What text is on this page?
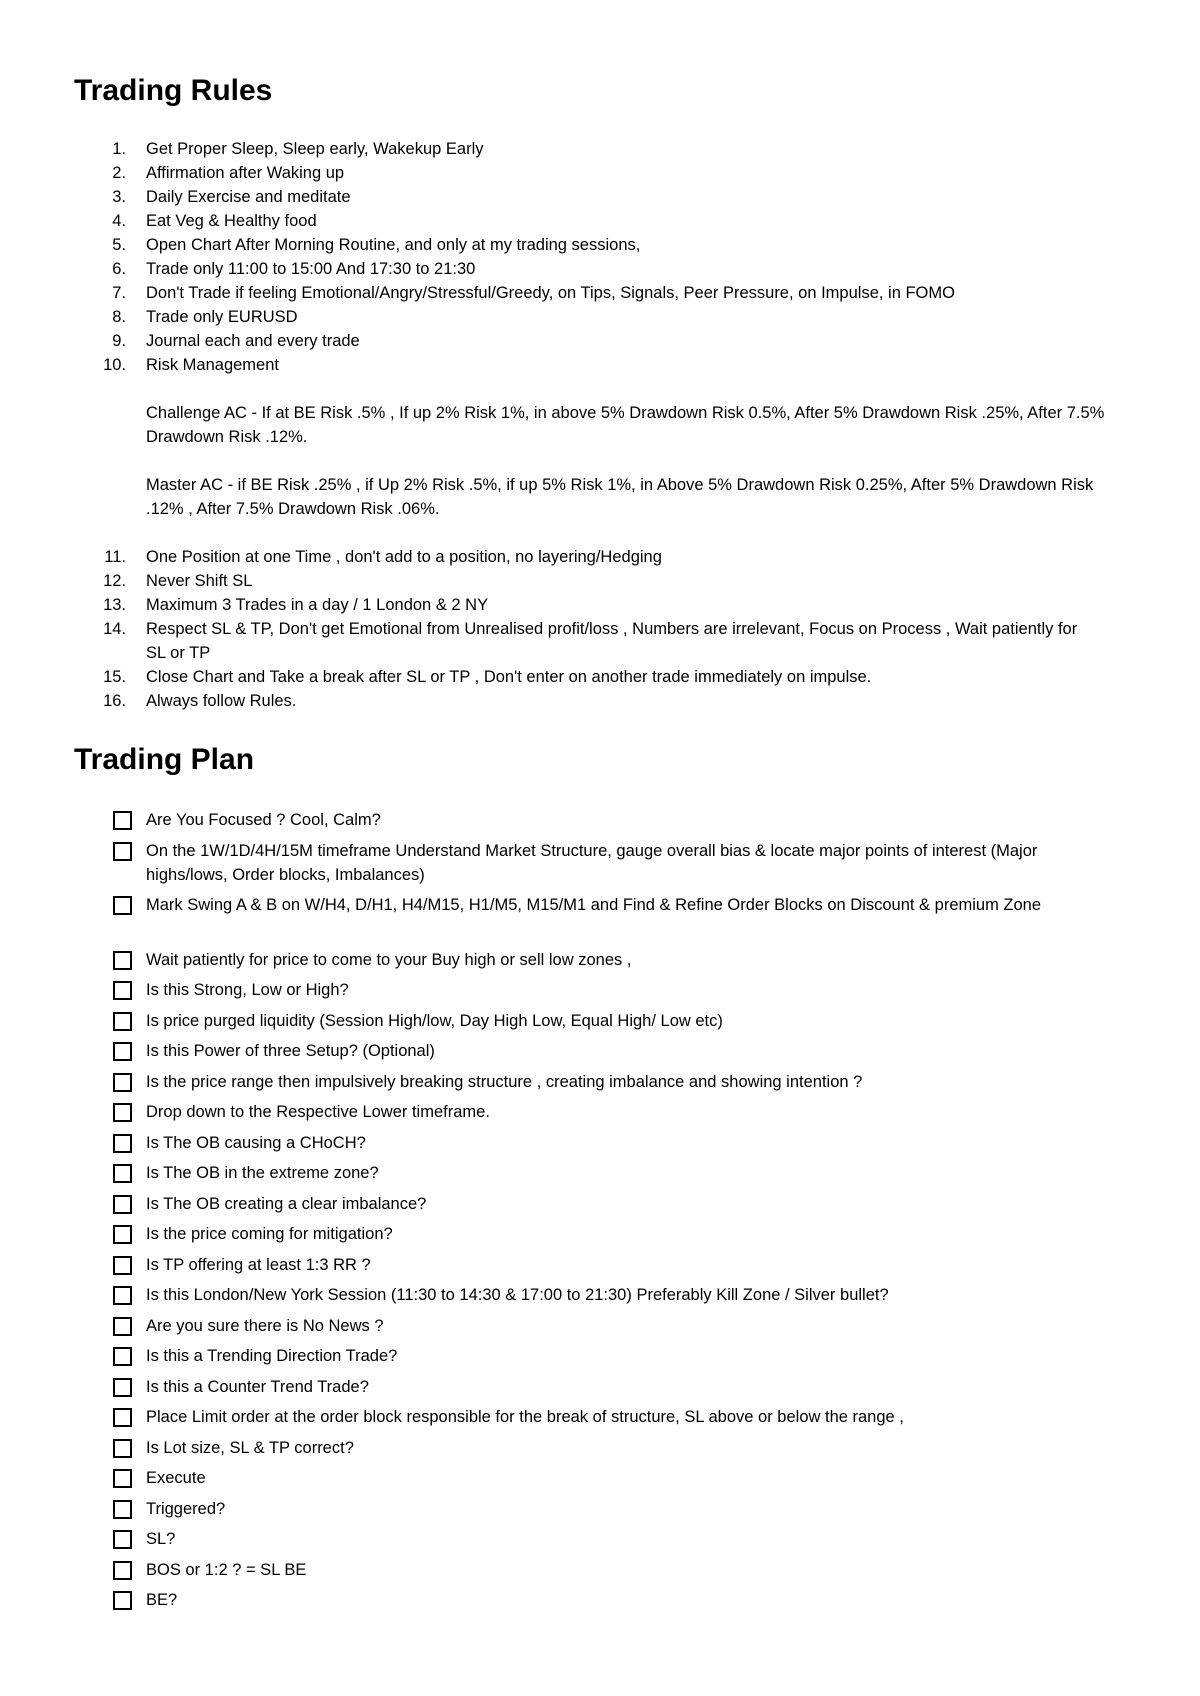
Trading Rules
1. Get Proper Sleep, Sleep early, Wakekup Early
2. Affirmation after Waking up
3. Daily Exercise and meditate
4. Eat Veg & Healthy food
5. Open Chart After Morning Routine, and only at my trading sessions,
6. Trade only 11:00 to 15:00 And 17:30 to 21:30
7. Don't Trade if feeling Emotional/Angry/Stressful/Greedy, on Tips, Signals, Peer Pressure, on Impulse, in FOMO
8. Trade only EURUSD
9. Journal each and every trade
10. Risk Management

Challenge AC - If at BE Risk .5% , If up 2% Risk 1%, in above 5% Drawdown Risk 0.5%, After 5% Drawdown Risk .25%, After 7.5% Drawdown Risk .12%.

Master AC - if BE Risk .25% , if Up 2% Risk .5%, if up 5% Risk 1%, in Above 5% Drawdown Risk 0.25%, After 5% Drawdown Risk .12% , After 7.5% Drawdown Risk .06%.

11. One Position at one Time , don't add to a position, no layering/Hedging
12. Never Shift SL
13. Maximum 3 Trades in a day / 1 London & 2 NY
14. Respect SL & TP, Don't get Emotional from Unrealised profit/loss , Numbers are irrelevant, Focus on Process , Wait patiently for SL or TP
15. Close Chart and Take a break after SL or TP , Don't enter on another trade immediately on impulse.
16. Always follow Rules.
Trading Plan
Are You Focused ? Cool, Calm?
On the 1W/1D/4H/15M timeframe Understand Market Structure, gauge overall bias & locate major points of interest (Major highs/lows, Order blocks, Imbalances)
Mark Swing A & B on W/H4, D/H1, H4/M15, H1/M5, M15/M1 and Find & Refine Order Blocks on Discount & premium Zone
Wait patiently for price to come to your Buy high or sell low zones ,
Is this Strong, Low or High?
Is price purged liquidity (Session High/low, Day High Low, Equal High/ Low etc)
Is this Power of three Setup? (Optional)
Is the price range then impulsively breaking structure , creating imbalance and showing intention ?
Drop down to the Respective Lower timeframe.
Is The OB causing a CHoCH?
Is The OB in the extreme zone?
Is The OB creating a clear imbalance?
Is the price coming for mitigation?
Is TP offering at least 1:3 RR ?
Is this London/New York Session (11:30 to 14:30 & 17:00 to 21:30) Preferably Kill Zone / Silver bullet?
Are you sure there is No News ?
Is this a Trending Direction Trade?
Is this a Counter Trend Trade?
Place Limit order at the order block responsible for the break of structure, SL above or below the range ,
Is Lot size, SL & TP correct?
Execute
Triggered?
SL?
BOS or 1:2 ? = SL BE
BE?
